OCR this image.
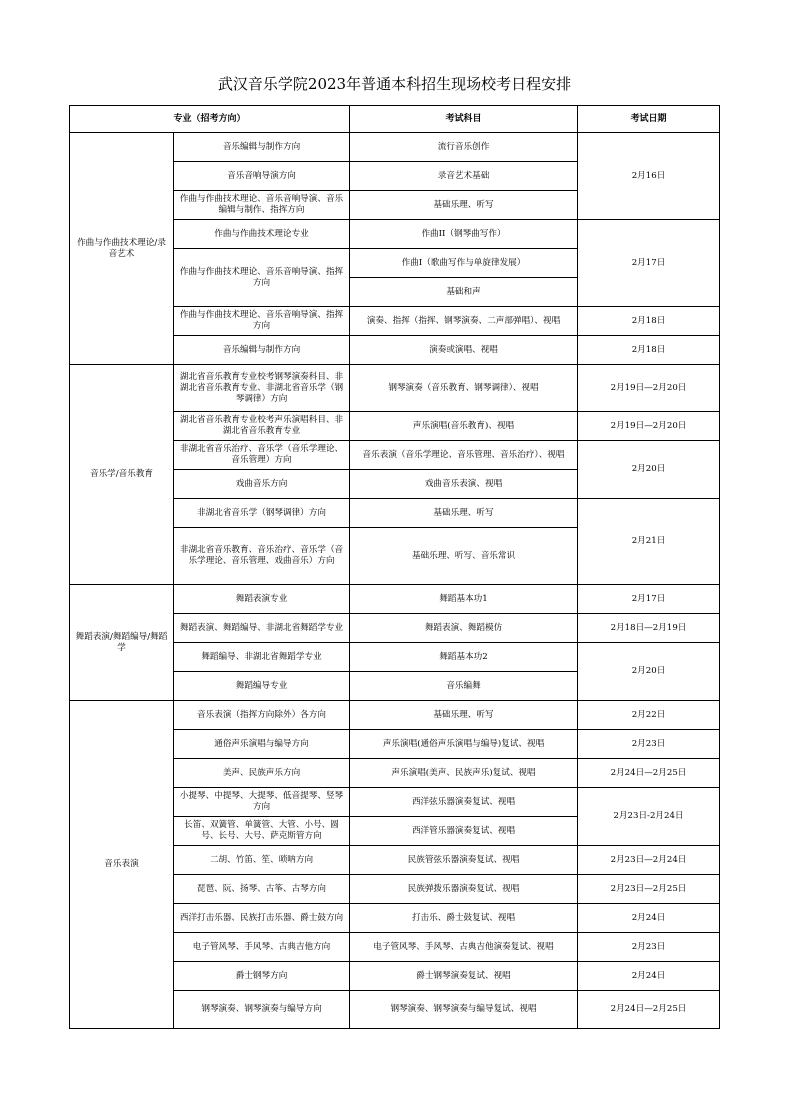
武汉音乐学院2023年普通本科招生现场校考日程安排
专业（招考方向）		考试科目	考试日期
作曲与作曲技术理论/录音艺术	音乐编辑与制作方向	流行音乐创作	2月16日
	音乐音响导演方向	录音艺术基础	
	作曲与作曲技术理论、音乐音响导演、音乐编辑与制作、指挥方向	基础乐理、听写	
	作曲与作曲技术理论专业	作曲II（钢琴曲写作）	2月17日
	作曲与作曲技术理论、音乐音响导演、指挥方向	作曲I（歌曲写作与单旋律发展）	
		基础和声	
	作曲与作曲技术理论、音乐音响导演、指挥方向	演奏、指挥（指挥、钢琴演奏、二声部弹唱）、视唱	2月18日
	音乐编辑与制作方向	演奏或演唱、视唱	2月18日
音乐学/音乐教育	湖北省音乐教育专业校考钢琴演奏科目、非湖北省音乐教育专业、非湖北省音乐学（钢琴调律）方向	钢琴演奏（音乐教育、钢琴调律）、视唱	2月19日—2月20日
	湖北省音乐教育专业校考声乐演唱科目、非湖北省音乐教育专业	声乐演唱(音乐教育)、视唱	2月19日—2月20日
	非湖北省音乐治疗、音乐学（音乐学理论、音乐管理）方向	音乐表演（音乐学理论、音乐管理、音乐治疗）、视唱	2月20日
	戏曲音乐方向	戏曲音乐表演、视唱	
	非湖北省音乐学（钢琴调律）方向	基础乐理、听写	2月21日
	非湖北省音乐教育、音乐治疗、音乐学（音乐学理论、音乐管理、戏曲音乐）方向	基础乐理、听写、音乐常识	
舞蹈表演/舞蹈编导/舞蹈学	舞蹈表演专业	舞蹈基本功1	2月17日
	舞蹈表演、舞蹈编导、非湖北省舞蹈学专业	舞蹈表演、舞蹈模仿	2月18日—2月19日
	舞蹈编导、非湖北省舞蹈学专业	舞蹈基本功2	2月20日
	舞蹈编导专业	音乐编舞	
音乐表演	音乐表演（指挥方向除外）各方向	基础乐理、听写	2月22日
	通俗声乐演唱与编导方向	声乐演唱(通俗声乐演唱与编导)复试、视唱	2月23日
	美声、民族声乐方向	声乐演唱(美声、民族声乐)复试、视唱	2月24日—2月25日
	小提琴、中提琴、大提琴、低音提琴、竖琴方向	西洋弦乐器演奏复试、视唱	2月23日-2月24日
	长笛、双簧管、单簧管、大管、小号、圆号、长号、大号、萨克斯管方向	西洋管乐器演奏复试、视唱	
	二胡、竹笛、笙、唢呐方向	民族管弦乐器演奏复试、视唱	2月23日—2月24日
	琵琶、阮、扬琴、古筝、古琴方向	民族弹拨乐器演奏复试、视唱	2月23日—2月25日
	西洋打击乐器、民族打击乐器、爵士鼓方向	打击乐、爵士鼓复试、视唱	2月24日
	电子管风琴、手风琴、古典吉他方向	电子管风琴、手风琴、古典吉他演奏复试、视唱	2月23日
	爵士钢琴方向	爵士钢琴演奏复试、视唱	2月24日
	钢琴演奏、钢琴演奏与编导方向	钢琴演奏、钢琴演奏与编导复试、视唱	2月24日—2月25日
